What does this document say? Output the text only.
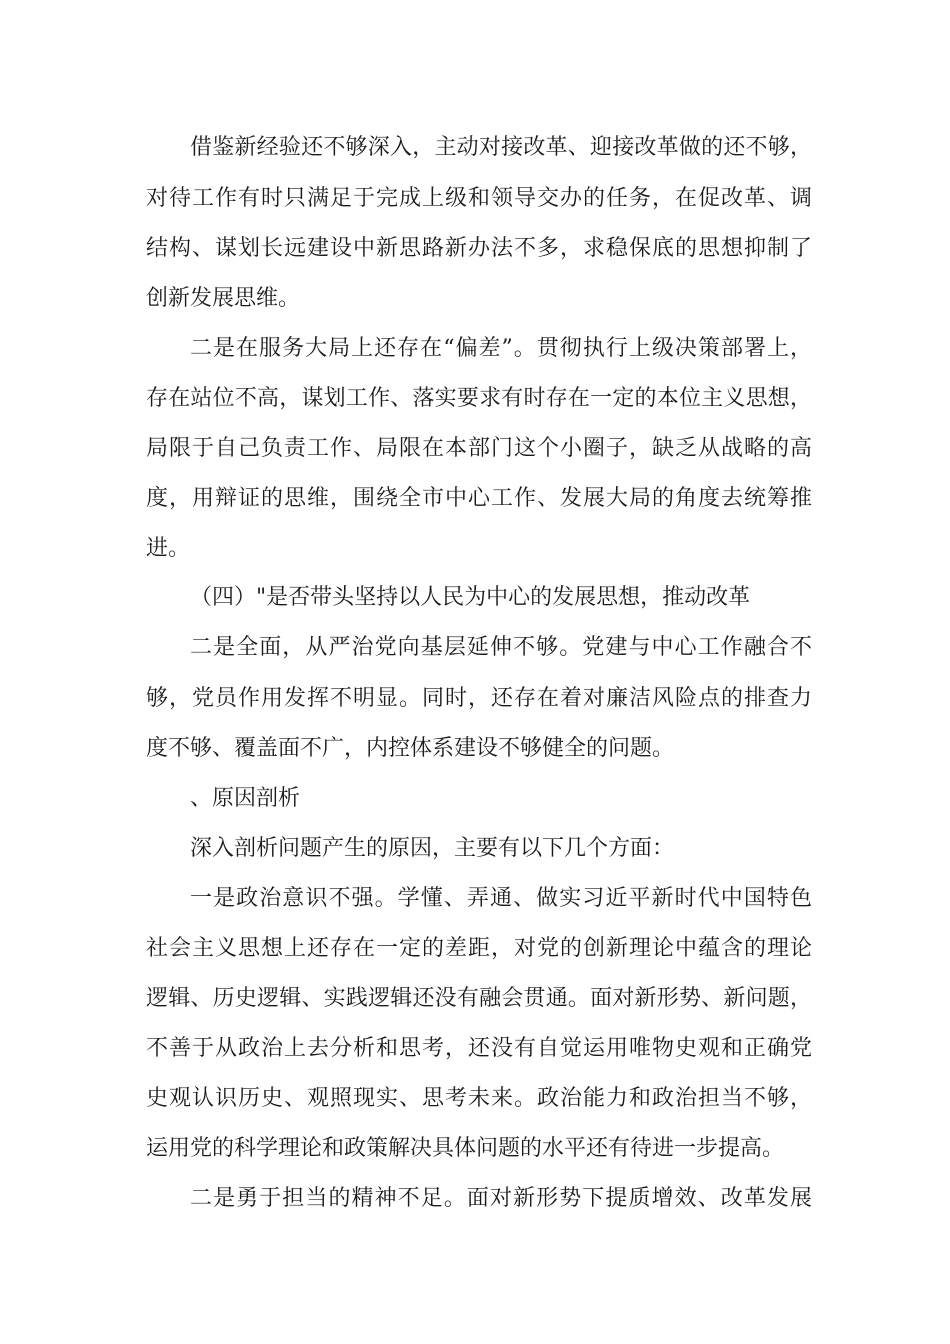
借鉴新经验还不够深入，主动对接改革、迎接改革做的还不够，
对待工作有时只满足于完成上级和领导交办的任务，在促改革、调
结构、谋划长远建设中新思路新办法不多，求稳保底的思想抑制了
创新发展思维。
二是在服务大局上还存在“偏差”。贯彻执行上级决策部署上，
存在站位不高，谋划工作、落实要求有时存在一定的本位主义思想，
局限于自己负责工作、局限在本部门这个小圈子，缺乏从战略的高
度，用辩证的思维，围绕全市中心工作、发展大局的角度去统筹推
进。
（四）"是否带头坚持以人民为中心的发展思想，推动改革
二是全面，从严治党向基层延伸不够。党建与中心工作融合不
够，党员作用发挥不明显。同时，还存在着对廉洁风险点的排查力
度不够、覆盖面不广，内控体系建设不够健全的问题。
、原因剖析
深入剖析问题产生的原因，主要有以下几个方面：
一是政治意识不强。学懂、弄通、做实习近平新时代中国特色
社会主义思想上还存在一定的差距，对党的创新理论中蕴含的理论
逻辑、历史逻辑、实践逻辑还没有融会贯通。面对新形势、新问题，
不善于从政治上去分析和思考，还没有自觉运用唯物史观和正确党
史观认识历史、观照现实、思考未来。政治能力和政治担当不够，
运用党的科学理论和政策解决具体问题的水平还有待进一步提高。
二是勇于担当的精神不足。面对新形势下提质增效、改革发展
